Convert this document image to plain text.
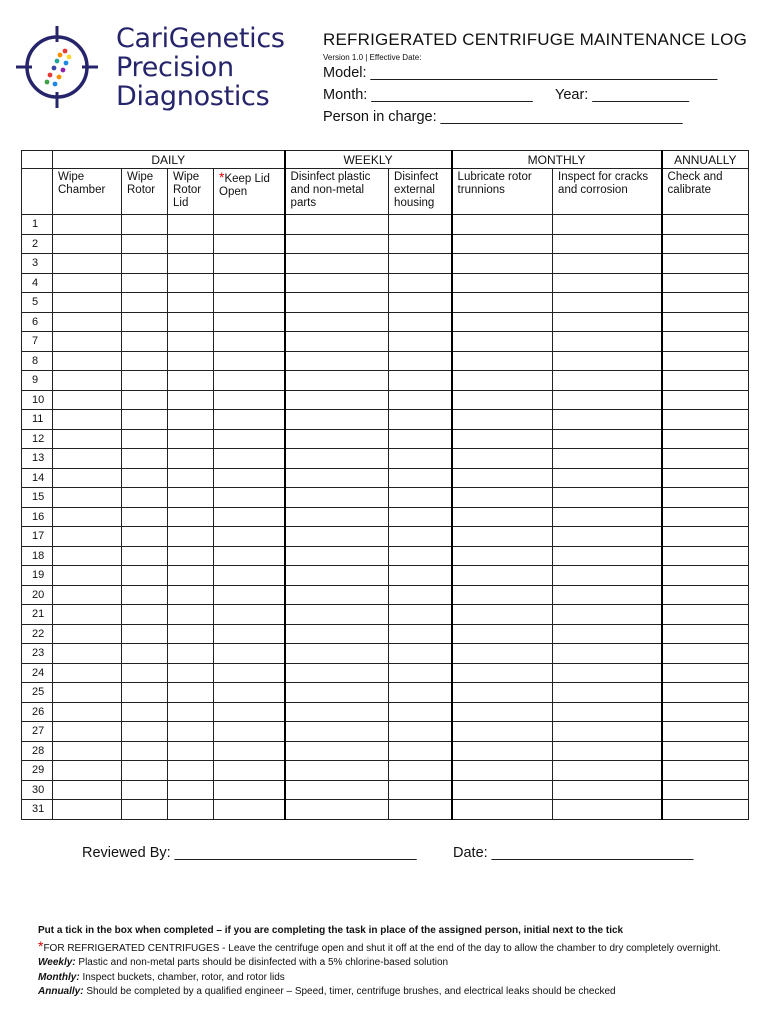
CariGenetics
Precision
Diagnostics
REFRIGERATED CENTRIFUGE MAINTENANCE LOG
Version 1.0 | Effective Date:
Model: ___________________________________________
Month: ____________________ Year: ____________
Person in charge: ______________________________
	DAILY				WEEKLY		MONTHLY		ANNUALLY
	Wipe Chamber	Wipe Rotor	Wipe Rotor Lid	*Keep Lid Open	Disinfect plastic and non-metal parts	Disinfect external housing	Lubricate rotor trunnions	Inspect for cracks and corrosion	Check and calibrate
1									
2									
3									
4									
5									
6									
7									
8									
9									
10									
11									
12									
13									
14									
15									
16									
17									
18									
19									
20									
21									
22									
23									
24									
25									
26									
27									
28									
29									
30									
31									
Reviewed By: ______________________________	Date: _________________________
Put a tick in the box when completed – if you are completing the task in place of the assigned person, initial next to the tick
*FOR REFRIGERATED CENTRIFUGES - Leave the centrifuge open and shut it off at the end of the day to allow the chamber to dry completely overnight.
Weekly: Plastic and non-metal parts should be disinfected with a 5% chlorine-based solution
Monthly: Inspect buckets, chamber, rotor, and rotor lids
Annually: Should be completed by a qualified engineer – Speed, timer, centrifuge brushes, and electrical leaks should be checked
